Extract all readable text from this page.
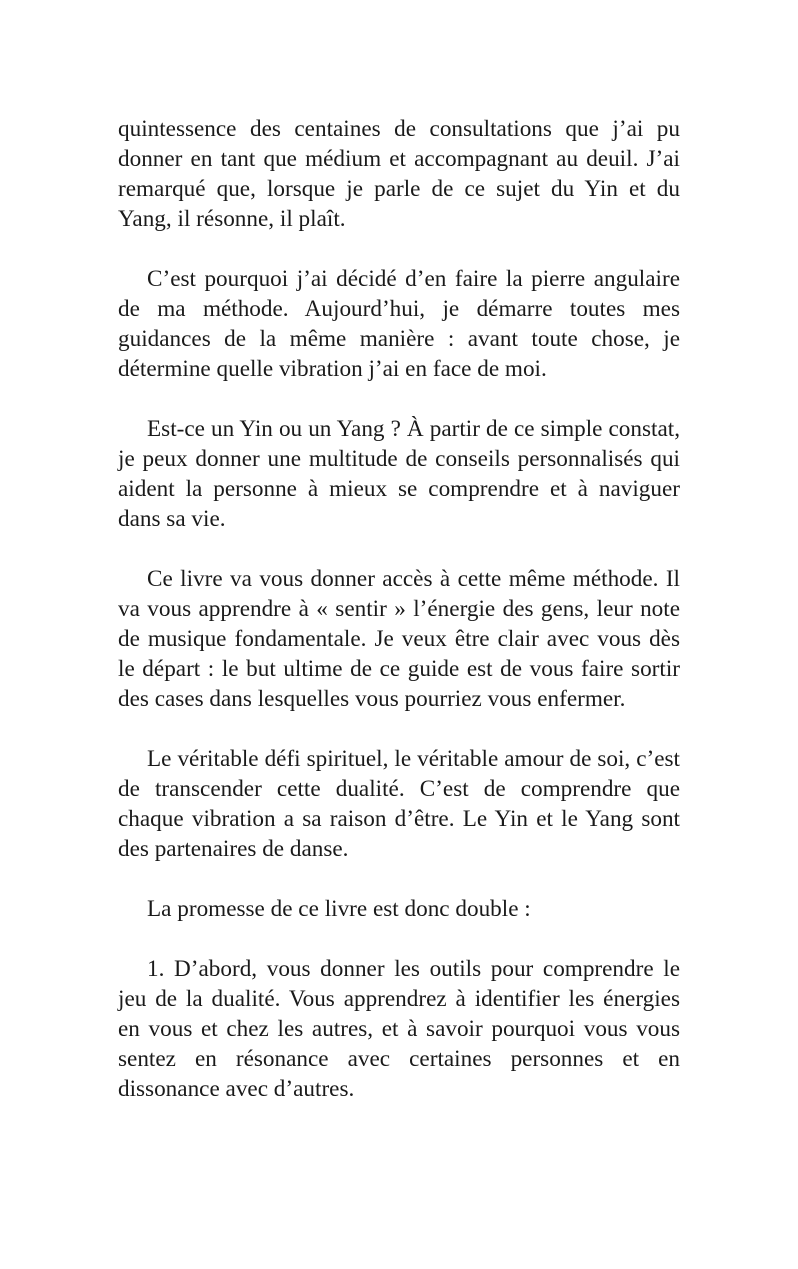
quintessence des centaines de consultations que j’ai pu donner en tant que médium et accompagnant au deuil. J’ai remarqué que, lorsque je parle de ce sujet du Yin et du Yang, il résonne, il plaît.

C’est pourquoi j’ai décidé d’en faire la pierre angulaire de ma méthode. Aujourd’hui, je démarre toutes mes guidances de la même manière : avant toute chose, je détermine quelle vibration j’ai en face de moi.

Est-ce un Yin ou un Yang ? À partir de ce simple constat, je peux donner une multitude de conseils personnalisés qui aident la personne à mieux se comprendre et à naviguer dans sa vie.

Ce livre va vous donner accès à cette même méthode. Il va vous apprendre à « sentir » l’énergie des gens, leur note de musique fondamentale. Je veux être clair avec vous dès le départ : le but ultime de ce guide est de vous faire sortir des cases dans lesquelles vous pourriez vous enfermer.

Le véritable défi spirituel, le véritable amour de soi, c’est de transcender cette dualité. C’est de comprendre que chaque vibration a sa raison d’être. Le Yin et le Yang sont des partenaires de danse.

La promesse de ce livre est donc double :

1. D’abord, vous donner les outils pour comprendre le jeu de la dualité. Vous apprendrez à identifier les énergies en vous et chez les autres, et à savoir pourquoi vous vous sentez en résonance avec certaines personnes et en dissonance avec d’autres.
